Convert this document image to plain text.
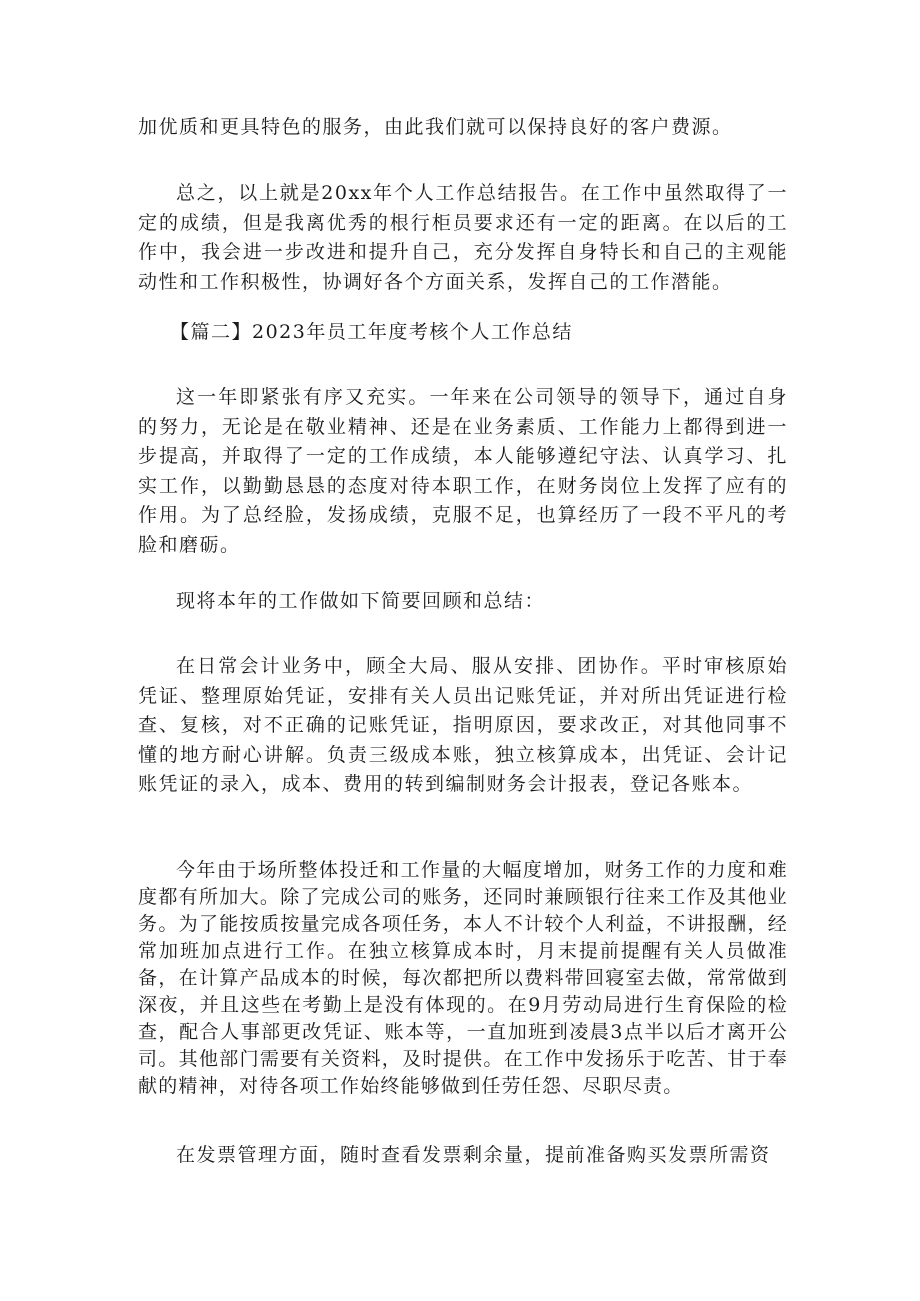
加优质和更具特色的服务，由此我们就可以保持良好的客户费源。

总之，以上就是20xx年个人工作总结报告。在工作中虽然取得了一定的成绩，但是我离优秀的根行柜员要求还有一定的距离。在以后的工作中，我会进一步改进和提升自己，充分发挥自身特长和自己的主观能动性和工作积极性，协调好各个方面关系，发挥自己的工作潜能。

【篇二】2023年员工年度考核个人工作总结

这一年即紧张有序又充实。一年来在公司领导的领导下，通过自身的努力，无论是在敬业精神、还是在业务素质、工作能力上都得到进一步提高，并取得了一定的工作成绩，本人能够遵纪守法、认真学习、扎实工作，以勤勤恳恳的态度对待本职工作，在财务岗位上发挥了应有的作用。为了总经脸，发扬成绩，克服不足，也算经历了一段不平凡的考脸和磨砺。

现将本年的工作做如下简要回顾和总结：

在日常会计业务中，顾全大局、服从安排、团协作。平时审核原始凭证、整理原始凭证，安排有关人员出记账凭证，并对所出凭证进行检查、复核，对不正确的记账凭证，指明原因，要求改正，对其他同事不懂的地方耐心讲解。负责三级成本账，独立核算成本，出凭证、会计记账凭证的录入，成本、费用的转到编制财务会计报表，登记各账本。

今年由于场所整体投迁和工作量的大幅度增加，财务工作的力度和难度都有所加大。除了完成公司的账务，还同时兼顾银行往来工作及其他业务。为了能按质按量完成各项任务，本人不计较个人利益，不讲报酬，经常加班加点进行工作。在独立核算成本时，月末提前提醒有关人员做准备，在计算产品成本的时候，每次都把所以费料带回寝室去做，常常做到深夜，并且这些在考勤上是没有体现的。在9月劳动局进行生育保险的检查，配合人事部更改凭证、账本等，一直加班到凌晨3点半以后才离开公司。其他部门需要有关资料，及时提供。在工作中发扬乐于吃苦、甘于奉献的精神，对待各项工作始终能够做到任劳任怨、尽职尽责。

在发票管理方面，随时查看发票剩余量，提前准备购买发票所需资
